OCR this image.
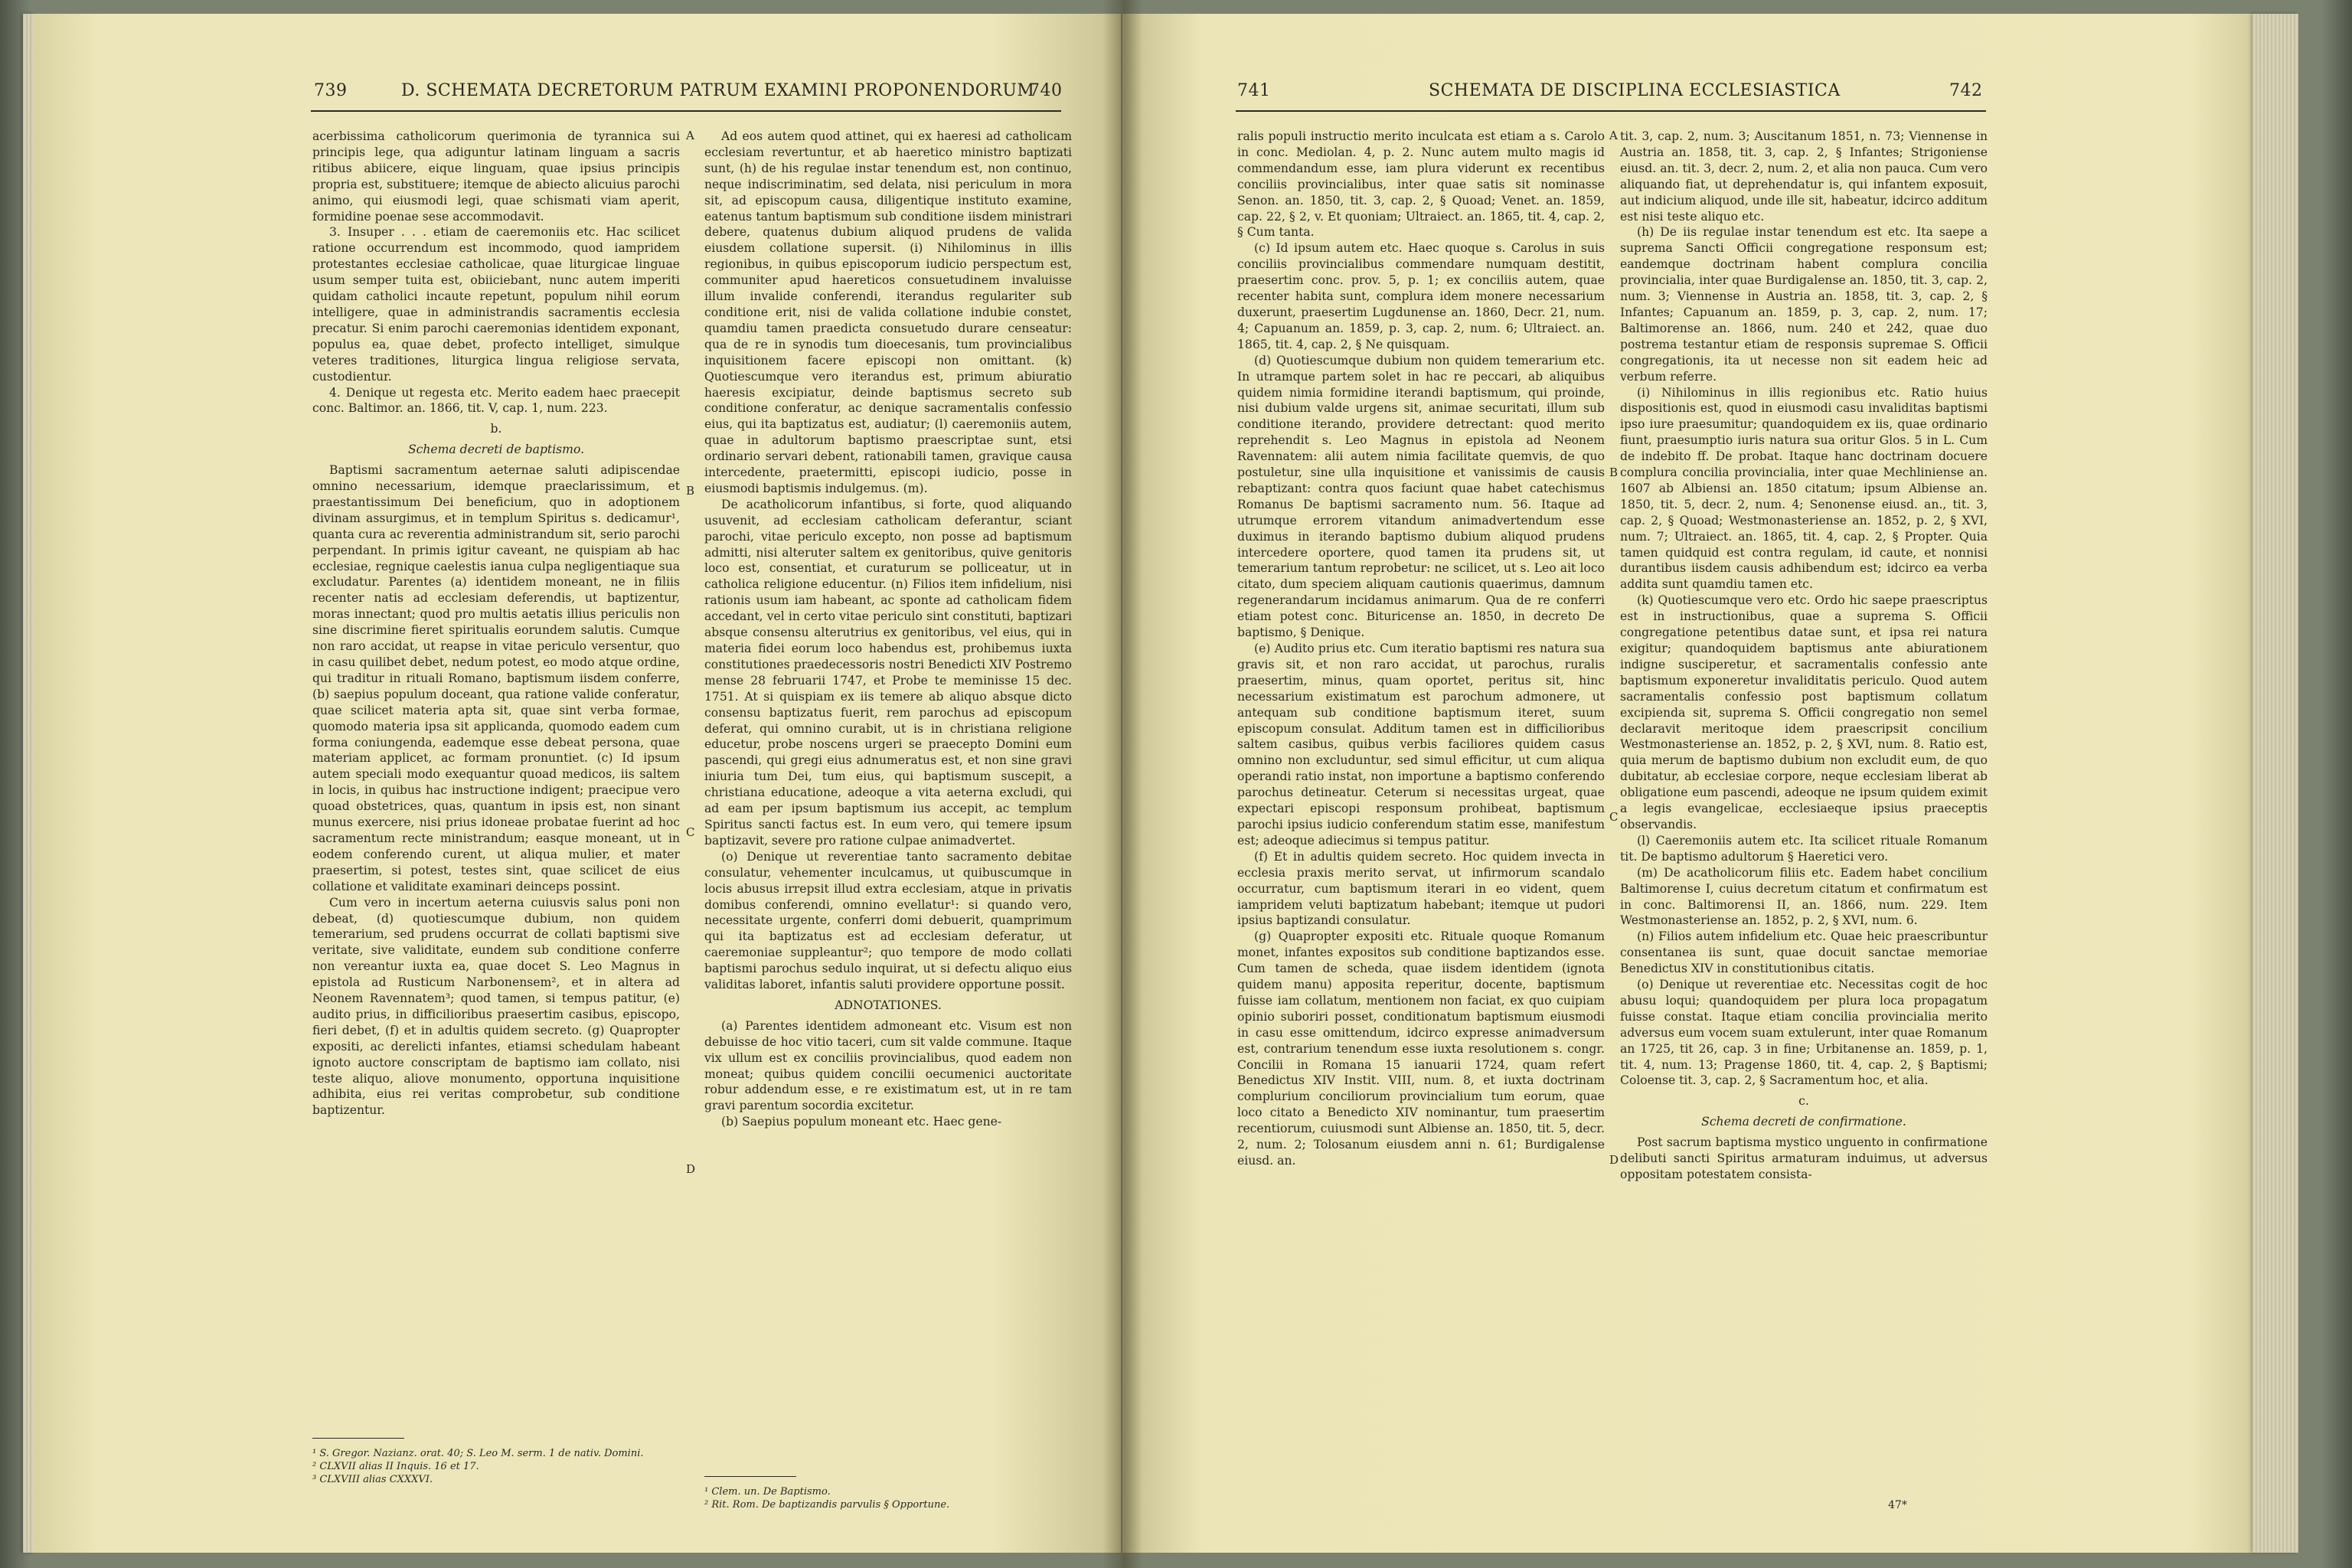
739	D. SCHEMATA DECRETORUM PATRUM EXAMINI PROPONENDORUM
740

acerbissima catholicorum querimonia de tyrannica sui principis lege, qua adiguntur latinam linguam a sacris ritibus abiicere, eique linguam, quae ipsius principis propria est, substituere; itemque de abiecto alicuius parochi animo, qui eiusmodi legi, quae schismati viam aperit, formidine poenae sese accommodavit.

3. Insuper . . . etiam de caeremoniis etc. Hac scilicet ratione occurrendum est incommodo, quod iampridem protestantes ecclesiae catholicae, quae liturgicae linguae usum semper tuita est, obiiciebant, nunc autem imperiti quidam catholici incaute repetunt, populum nihil eorum intelligere, quae in administrandis sacramentis ecclesia precatur. Si enim parochi caeremonias identidem exponant, populus ea, quae debet, profecto intelliget, simulque veteres traditiones, liturgica lingua religiose servata, custodientur.

4. Denique ut regesta etc. Merito eadem haec praecepit conc. Baltimor. an. 1866, tit. V, cap. 1, num. 223.

b.

Schema decreti de baptismo.

Baptismi sacramentum aeternae saluti adipiscendae omnino necessarium, idemque praeclarissimum, et praestantissimum Dei beneficium, quo in adoptionem divinam assurgimus, et in templum Spiritus s. dedicamur¹, quanta cura ac reverentia administrandum sit, serio parochi perpendant. In primis igitur caveant, ne quispiam ab hac ecclesiae, regnique caelestis ianua culpa negligentiaque sua excludatur. Parentes (a) identidem moneant, ne in filiis recenter natis ad ecclesiam deferendis, ut baptizentur, moras innectant; quod pro multis aetatis illius periculis non sine discrimine fieret spiritualis eorundem salutis. Cumque non raro accidat, ut reapse in vitae periculo versentur, quo in casu quilibet debet, nedum potest, eo modo atque ordine, qui traditur in rituali Romano, baptismum iisdem conferre, (b) saepius populum doceant, qua ratione valide conferatur, quae scilicet materia apta sit, quae sint verba formae, quomodo materia ipsa sit applicanda, quomodo eadem cum forma coniungenda, eademque esse debeat persona, quae materiam applicet, ac formam pronuntiet. (c) Id ipsum autem speciali modo exequantur quoad medicos, iis saltem in locis, in quibus hac instructione indigent; praecipue vero quoad obstetrices, quas, quantum in ipsis est, non sinant munus exercere, nisi prius idoneae probatae fuerint ad hoc sacramentum recte ministrandum; easque moneant, ut in eodem conferendo curent, ut aliqua mulier, et mater praesertim, si potest, testes sint, quae scilicet de eius collatione et validitate examinari deinceps possint.

Cum vero in incertum aeterna cuiusvis salus poni non debeat, (d) quotiescumque dubium, non quidem temerarium, sed prudens occurrat de collati baptismi sive veritate, sive validitate, eundem sub conditione conferre non vereantur iuxta ea, quae docet S. Leo Magnus in epistola ad Rusticum Narbonensem², et in altera ad Neonem Ravennatem³; quod tamen, si tempus patitur, (e) audito prius, in difficilioribus praesertim casibus, episcopo, fieri debet, (f) et in adultis quidem secreto. (g) Quapropter expositi, ac derelicti infantes, etiamsi schedulam habeant ignoto auctore conscriptam de baptismo iam collato, nisi teste aliquo, aliove monumento, opportuna inquisitione adhibita, eius rei veritas comprobetur, sub conditione baptizentur.

Ad eos autem quod attinet, qui ex haeresi ad catholicam ecclesiam revertuntur, et ab haeretico ministro baptizati sunt, (h) de his regulae instar tenendum est, non continuo, neque indiscriminatim, sed delata, nisi periculum in mora sit, ad episcopum causa, diligentique instituto examine, eatenus tantum baptismum sub conditione iisdem ministrari debere, quatenus dubium aliquod prudens de valida eiusdem collatione supersit. (i) Nihilominus in illis regionibus, in quibus episcoporum iudicio perspectum est, communiter apud haereticos consuetudinem invaluisse illum invalide conferendi, iterandus regulariter sub conditione erit, nisi de valida collatione indubie constet, quamdiu tamen praedicta consuetudo durare censeatur: qua de re in synodis tum dioecesanis, tum provincialibus inquisitionem facere episcopi non omittant. (k) Quotiescumque vero iterandus est, primum abiuratio haeresis excipiatur, deinde baptismus secreto sub conditione conferatur, ac denique sacramentalis confessio eius, qui ita baptizatus est, audiatur; (l) caeremoniis autem, quae in adultorum baptismo praescriptae sunt, etsi ordinario servari debent, rationabili tamen, gravique causa intercedente, praetermitti, episcopi iudicio, posse in eiusmodi baptismis indulgemus. (m).

De acatholicorum infantibus, si forte, quod aliquando usuvenit, ad ecclesiam catholicam deferantur, sciant parochi, vitae periculo excepto, non posse ad baptismum admitti, nisi alteruter saltem ex genitoribus, quive genitoris loco est, consentiat, et curaturum se polliceatur, ut in catholica religione educentur. (n) Filios item infidelium, nisi rationis usum iam habeant, ac sponte ad catholicam fidem accedant, vel in certo vitae periculo sint constituti, baptizari absque consensu alterutrius ex genitoribus, vel eius, qui in materia fidei eorum loco habendus est, prohibemus iuxta constitutiones praedecessoris nostri Benedicti XIV Postremo mense 28 februarii 1747, et Probe te meminisse 15 dec. 1751. At si quispiam ex iis temere ab aliquo absque dicto consensu baptizatus fuerit, rem parochus ad episcopum deferat, qui omnino curabit, ut is in christiana religione educetur, probe noscens urgeri se praecepto Domini eum pascendi, qui gregi eius adnumeratus est, et non sine gravi iniuria tum Dei, tum eius, qui baptismum suscepit, a christiana educatione, adeoque a vita aeterna excludi, qui ad eam per ipsum baptismum ius accepit, ac templum Spiritus sancti factus est. In eum vero, qui temere ipsum baptizavit, severe pro ratione culpae animadvertet.

(o) Denique ut reverentiae tanto sacramento debitae consulatur, vehementer inculcamus, ut quibuscumque in locis abusus irrepsit illud extra ecclesiam, atque in privatis domibus conferendi, omnino evellatur¹: si quando vero, necessitate urgente, conferri domi debuerit, quamprimum qui ita baptizatus est ad ecclesiam deferatur, ut caeremoniae suppleantur²; quo tempore de modo collati baptismi parochus sedulo inquirat, ut si defectu aliquo eius validitas laboret, infantis saluti providere opportune possit.

ADNOTATIONES.

(a) Parentes identidem admoneant etc. Visum est non debuisse de hoc vitio taceri, cum sit valde commune. Itaque vix ullum est ex conciliis provincialibus, quod eadem non moneat; quibus quidem concilii oecumenici auctoritate robur addendum esse, e re existimatum est, ut in re tam gravi parentum socordia excitetur.

(b) Saepius populum moneant etc. Haec gene-

A
B
C
D
¹ S. Gregor. Nazianz. orat. 40; S. Leo M. serm. 1 de nativ. Domini.
² CLXVII alias II Inquis. 16 et 17.
³ CLXVIII alias CXXXVI.
¹ Clem. un. De Baptismo.
² Rit. Rom. De baptizandis parvulis § Opportune.
741	SCHEMATA DE DISCIPLINA ECCLESIASTICA	742

ralis populi instructio merito inculcata est etiam a s. Carolo in conc. Mediolan. 4, p. 2. Nunc autem multo magis id commendandum esse, iam plura viderunt ex recentibus conciliis provincialibus, inter quae satis sit nominasse Senon. an. 1850, tit. 3, cap. 2, § Quoad; Venet. an. 1859, cap. 22, § 2, v. Et quoniam; Ultraiect. an. 1865, tit. 4, cap. 2, § Cum tanta.

(c) Id ipsum autem etc. Haec quoque s. Carolus in suis conciliis provincialibus commendare numquam destitit, praesertim conc. prov. 5, p. 1; ex conciliis autem, quae recenter habita sunt, complura idem monere necessarium duxerunt, praesertim Lugdunense an. 1860, Decr. 21, num. 4; Capuanum an. 1859, p. 3, cap. 2, num. 6; Ultraiect. an. 1865, tit. 4, cap. 2, § Ne quisquam.

(d) Quotiescumque dubium non quidem temerarium etc. In utramque partem solet in hac re peccari, ab aliquibus quidem nimia formidine iterandi baptismum, qui proinde, nisi dubium valde urgens sit, animae securitati, illum sub conditione iterando, providere detrectant: quod merito reprehendit s. Leo Magnus in epistola ad Neonem Ravennatem: alii autem nimia facilitate quemvis, de quo postuletur, sine ulla inquisitione et vanissimis de causis rebaptizant: contra quos faciunt quae habet catechismus Romanus De baptismi sacramento num. 56. Itaque ad utrumque errorem vitandum animadvertendum esse duximus in iterando baptismo dubium aliquod prudens intercedere oportere, quod tamen ita prudens sit, ut temerarium tantum reprobetur: ne scilicet, ut s. Leo ait loco citato, dum speciem aliquam cautionis quaerimus, damnum regenerandarum incidamus animarum. Qua de re conferri etiam potest conc. Bituricense an. 1850, in decreto De baptismo, § Denique.

(e) Audito prius etc. Cum iteratio baptismi res natura sua gravis sit, et non raro accidat, ut parochus, ruralis praesertim, minus, quam oportet, peritus sit, hinc necessarium existimatum est parochum admonere, ut antequam sub conditione baptismum iteret, suum episcopum consulat. Additum tamen est in difficilioribus saltem casibus, quibus verbis faciliores quidem casus omnino non excluduntur, sed simul efficitur, ut cum aliqua operandi ratio instat, non importune a baptismo conferendo parochus detineatur. Ceterum si necessitas urgeat, quae expectari episcopi responsum prohibeat, baptismum parochi ipsius iudicio conferendum statim esse, manifestum est; adeoque adiecimus si tempus patitur.

(f) Et in adultis quidem secreto. Hoc quidem invecta in ecclesia praxis merito servat, ut infirmorum scandalo occurratur, cum baptismum iterari in eo vident, quem iampridem veluti baptizatum habebant; itemque ut pudori ipsius baptizandi consulatur.

(g) Quapropter expositi etc. Rituale quoque Romanum monet, infantes expositos sub conditione baptizandos esse. Cum tamen de scheda, quae iisdem identidem (ignota quidem manu) apposita reperitur, docente, baptismum fuisse iam collatum, mentionem non faciat, ex quo cuipiam opinio suboriri posset, conditionatum baptismum eiusmodi in casu esse omittendum, idcirco expresse animadversum est, contrarium tenendum esse iuxta resolutionem s. congr. Concilii in Romana 15 ianuarii 1724, quam refert Benedictus XIV Instit. VIII, num. 8, et iuxta doctrinam complurium conciliorum provincialium tum eorum, quae loco citato a Benedicto XIV nominantur, tum praesertim recentiorum, cuiusmodi sunt Albiense an. 1850, tit. 5, decr. 2, num. 2; Tolosanum eiusdem anni n. 61; Burdigalense eiusd. an.

tit. 3, cap. 2, num. 3; Auscitanum 1851, n. 73; Viennense in Austria an. 1858, tit. 3, cap. 2, § Infantes; Strigoniense eiusd. an. tit. 3, decr. 2, num. 2, et alia non pauca. Cum vero aliquando fiat, ut deprehendatur is, qui infantem exposuit, aut indicium aliquod, unde ille sit, habeatur, idcirco additum est nisi teste aliquo etc.

(h) De iis regulae instar tenendum est etc. Ita saepe a suprema Sancti Officii congregatione responsum est; eandemque doctrinam habent complura concilia provincialia, inter quae Burdigalense an. 1850, tit. 3, cap. 2, num. 3; Viennense in Austria an. 1858, tit. 3, cap. 2, § Infantes; Capuanum an. 1859, p. 3, cap. 2, num. 17; Baltimorense an. 1866, num. 240 et 242, quae duo postrema testantur etiam de responsis supremae S. Officii congregationis, ita ut necesse non sit eadem heic ad verbum referre.

(i) Nihilominus in illis regionibus etc. Ratio huius dispositionis est, quod in eiusmodi casu invaliditas baptismi ipso iure praesumitur; quandoquidem ex iis, quae ordinario fiunt, praesumptio iuris natura sua oritur Glos. 5 in L. Cum de indebito ff. De probat. Itaque hanc doctrinam docuere complura concilia provincialia, inter quae Mechliniense an. 1607 ab Albiensi an. 1850 citatum; ipsum Albiense an. 1850, tit. 5, decr. 2, num. 4; Senonense eiusd. an., tit. 3, cap. 2, § Quoad; Westmonasteriense an. 1852, p. 2, § XVI, num. 7; Ultraiect. an. 1865, tit. 4, cap. 2, § Propter. Quia tamen quidquid est contra regulam, id caute, et nonnisi durantibus iisdem causis adhibendum est; idcirco ea verba addita sunt quamdiu tamen etc.

(k) Quotiescumque vero etc. Ordo hic saepe praescriptus est in instructionibus, quae a suprema S. Officii congregatione petentibus datae sunt, et ipsa rei natura exigitur; quandoquidem baptismus ante abiurationem indigne susciperetur, et sacramentalis confessio ante baptismum exponeretur invaliditatis periculo. Quod autem sacramentalis confessio post baptismum collatum excipienda sit, suprema S. Officii congregatio non semel declaravit meritoque idem praescripsit concilium Westmonasteriense an. 1852, p. 2, § XVI, num. 8. Ratio est, quia merum de baptismo dubium non excludit eum, de quo dubitatur, ab ecclesiae corpore, neque ecclesiam liberat ab obligatione eum pascendi, adeoque ne ipsum quidem eximit a legis evangelicae, ecclesiaeque ipsius praeceptis observandis.

(l) Caeremoniis autem etc. Ita scilicet rituale Romanum tit. De baptismo adultorum § Haeretici vero.

(m) De acatholicorum filiis etc. Eadem habet concilium Baltimorense I, cuius decretum citatum et confirmatum est in conc. Baltimorensi II, an. 1866, num. 229. Item Westmonasteriense an. 1852, p. 2, § XVI, num. 6.

(n) Filios autem infidelium etc. Quae heic praescribuntur consentanea iis sunt, quae docuit sanctae memoriae Benedictus XIV in constitutionibus citatis.

(o) Denique ut reverentiae etc. Necessitas cogit de hoc abusu loqui; quandoquidem per plura loca propagatum fuisse constat. Itaque etiam concilia provincialia merito adversus eum vocem suam extulerunt, inter quae Romanum an 1725, tit 26, cap. 3 in fine; Urbitanense an. 1859, p. 1, tit. 4, num. 13; Pragense 1860, tit. 4, cap. 2, § Baptismi; Coloense tit. 3, cap. 2, § Sacramentum hoc, et alia.

c.

Schema decreti de confirmatione.

Post sacrum baptisma mystico unguento in confirmatione delibuti sancti Spiritus armaturam induimus, ut adversus oppositam potestatem consista-

A
B
C
D
47*
